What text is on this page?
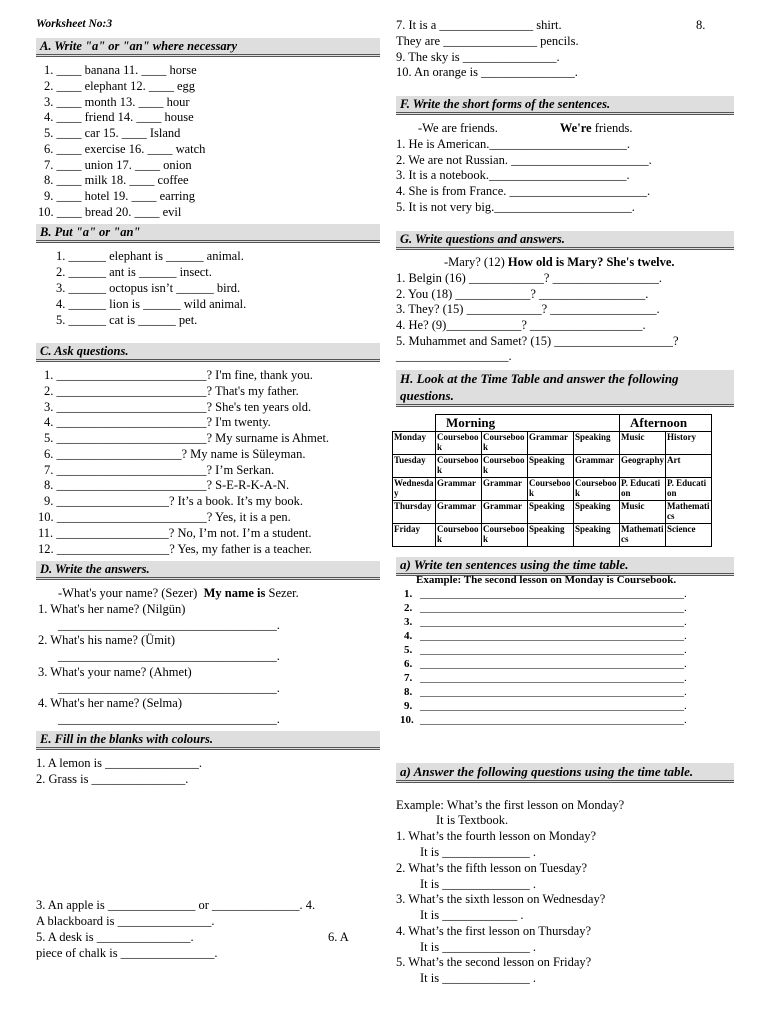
Worksheet No:3
A. Write "a" or "an" where necessary
1. ____ banana 11. ____ horse
2. ____ elephant 12. ____ egg
3. ____ month 13. ____ hour
4. ____ friend 14. ____ house
5. ____ car 15. ____ Island
6. ____ exercise 16. ____ watch
7. ____ union 17. ____ onion
8. ____ milk 18. ____ coffee
9. ____ hotel 19. ____ earring
10. ____ bread 20. ____ evil
B. Put "a" or "an"
1. ______ elephant is ______ animal.
2. ______ ant is ______ insect.
3. ______ octopus isn’t ______ bird.
4. ______ lion is ______ wild animal.
5. ______ cat is ______ pet.
C. Ask questions.
1. ________________________? I'm fine, thank you.
2. ________________________? That's my father.
3. ________________________? She's ten years old.
4. ________________________? I'm twenty.
5. ________________________? My surname is Ahmet.
6. ____________________? My name is Süleyman.
7. ________________________? I’m Serkan.
8. ________________________? S-E-R-K-A-N.
9. __________________? It’s a book. It’s my book.
10. ________________________? Yes, it is a pen.
11. __________________? No, I’m not. I’m a student.
12. __________________? Yes, my father is a teacher.
D. Write the answers.
-What's your name? (Sezer) My name is Sezer.
1. What's her name? (Nilgün)
___________________________________.
2. What's his name? (Ümit)
___________________________________.
3. What's your name? (Ahmet)
___________________________________.
4. What's her name? (Selma)
___________________________________.
E. Fill in the blanks with colours.
1. A lemon is _______________.
2. Grass is _______________.
3. An apple is ______________ or ______________. 4.
A blackboard is _______________.
5. A desk is _______________.	6. A
piece of chalk is _______________.
7. It is a _______________ shirt.	8.
They are _______________ pencils.
9. The sky is _______________.
10. An orange is _______________.
F. Write the short forms of the sentences.
-We are friends.	We're friends.
1. He is American.______________________.
2. We are not Russian. ______________________.
3. It is a notebook.______________________.
4. She is from France. ______________________.
5. It is not very big.______________________.
G. Write questions and answers.
-Mary? (12) How old is Mary? She's twelve.
1. Belgin (16) ____________? _________________.
2. You (18) ____________? _________________.
3. They? (15) ____________? _________________.
4. He? (9)____________? __________________.
5. Muhammet and Samet? (15) ___________________?
__________________.
H. Look at the Time Table and answer the following questions.
	Morning				Afternoon	
Monday	Coursebook	Coursebook	Grammar	Speaking	Music	History
Tuesday	Coursebook	Coursebook	Speaking	Grammar	Geography	Art
Wednesday	Grammar	Grammar	Coursebook	Coursebook	P. Education	P. Education
Thursday	Grammar	Grammar	Speaking	Speaking	Music	Mathematics
Friday	Coursebook	Coursebook	Speaking	Speaking	Mathematics	Science
a) Write ten sentences using the time table.
Example: The second lesson on Monday is Coursebook.
1. ________________________________________________.
2. ________________________________________________.
3. ________________________________________________.
4. ________________________________________________.
5. ________________________________________________.
6. ________________________________________________.
7. ________________________________________________.
8. ________________________________________________.
9. ________________________________________________.
10. ________________________________________________.
a) Answer the following questions using the time table.
Example: What’s the first lesson on Monday?
It is Textbook.
1. What’s the fourth lesson on Monday?
It is ______________ .
2. What’s the fifth lesson on Tuesday?
It is ______________ .
3. What’s the sixth lesson on Wednesday?
It is ____________ .
4. What’s the first lesson on Thursday?
It is ______________ .
5. What’s the second lesson on Friday?
It is ______________ .
